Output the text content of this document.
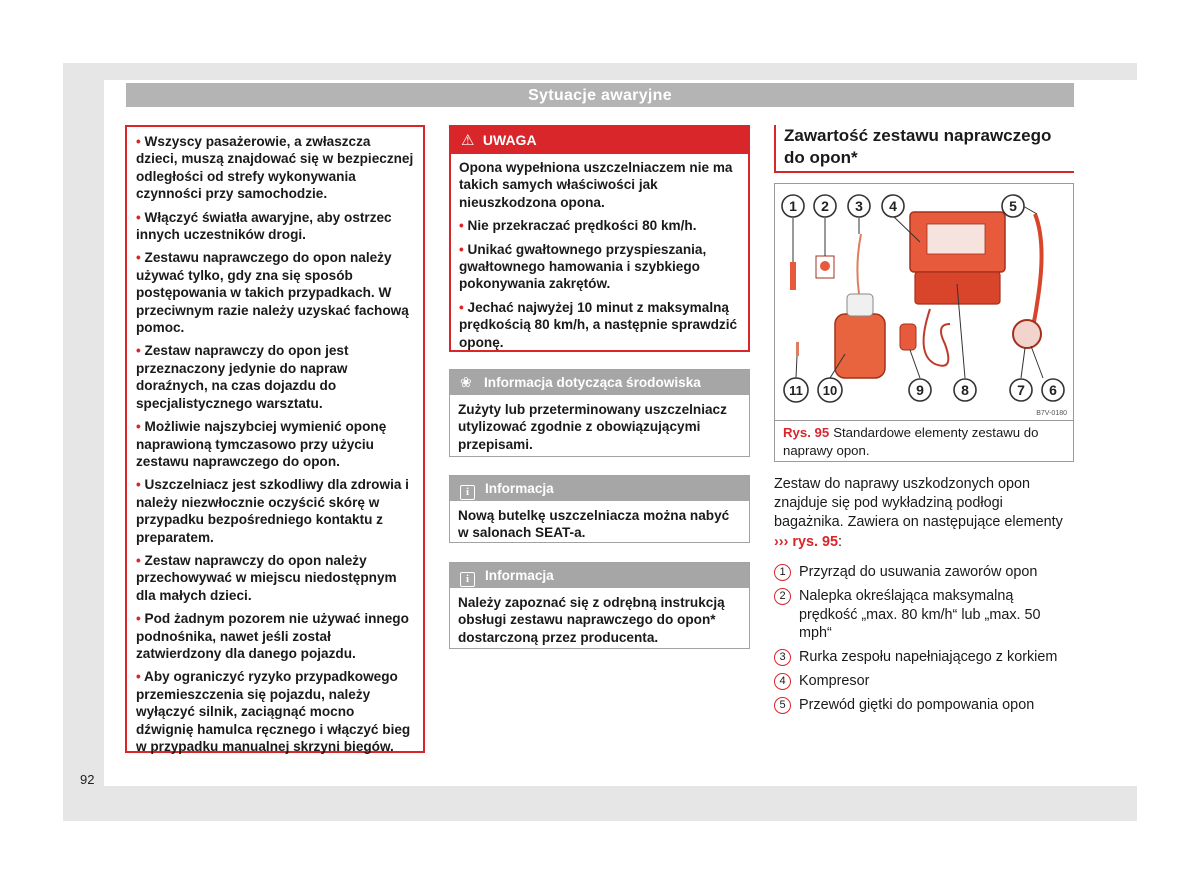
Sytuacje awaryjne

• Wszyscy pasażerowie, a zwłaszcza dzieci, muszą znajdować się w bezpiecznej odległości od strefy wykonywania czynności przy samochodzie.

• Włączyć światła awaryjne, aby ostrzec innych uczestników drogi.

• Zestawu naprawczego do opon należy używać tylko, gdy zna się sposób postępowania w takich przypadkach. W przeciwnym razie należy uzyskać fachową pomoc.

• Zestaw naprawczy do opon jest przeznaczony jedynie do napraw doraźnych, na czas dojazdu do specjalistycznego warsztatu.

• Możliwie najszybciej wymienić oponę naprawioną tymczasowo przy użyciu zestawu naprawczego do opon.

• Uszczelniacz jest szkodliwy dla zdrowia i należy niezwłocznie oczyścić skórę w przypadku bezpośredniego kontaktu z preparatem.

• Zestaw naprawczy do opon należy przechowywać w miejscu niedostępnym dla małych dzieci.

• Pod żadnym pozorem nie używać innego podnośnika, nawet jeśli został zatwierdzony dla danego pojazdu.

• Aby ograniczyć ryzyko przypadkowego przemieszczenia się pojazdu, należy wyłączyć silnik, zaciągnąć mocno dźwignię hamulca ręcznego i włączyć bieg w przypadku manualnej skrzyni biegów.

⚠ UWAGA

Opona wypełniona uszczelniaczem nie ma takich samych właściwości jak nieuszkodzona opona.

• Nie przekraczać prędkości 80 km/h.

• Unikać gwałtownego przyspieszania, gwałtownego hamowania i szybkiego pokonywania zakrętów.

• Jechać najwyżej 10 minut z maksymalną prędkością 80 km/h, a następnie sprawdzić oponę.

❀ Informacja dotycząca środowiska
Zużyty lub przeterminowany uszczelniacz utylizować zgodnie z obowiązującymi przepisami.
i Informacja
Nową butelkę uszczelniacza można nabyć w salonach SEAT-a.
i Informacja
Należy zapoznać się z odrębną instrukcją obsługi zestawu naprawczego do opon* dostarczoną przez producenta.
Zawartość zestawu naprawczego do opon*
1 2 3 4	5
6
7
8
9
10
11
B7V-0180
Rys. 95 Standardowe elementy zestawu do naprawy opon.
Zestaw do naprawy uszkodzonych opon znajduje się pod wykładziną podłogi bagażnika. Zawiera on następujące elementy ››› rys. 95:
1 Przyrząd do usuwania zaworów opon
2 Nalepka określająca maksymalną prędkość „max. 80 km/h“ lub „max. 50 mph“
3 Rurka zespołu napełniającego z korkiem
4 Kompresor
5 Przewód giętki do pompowania opon
92
